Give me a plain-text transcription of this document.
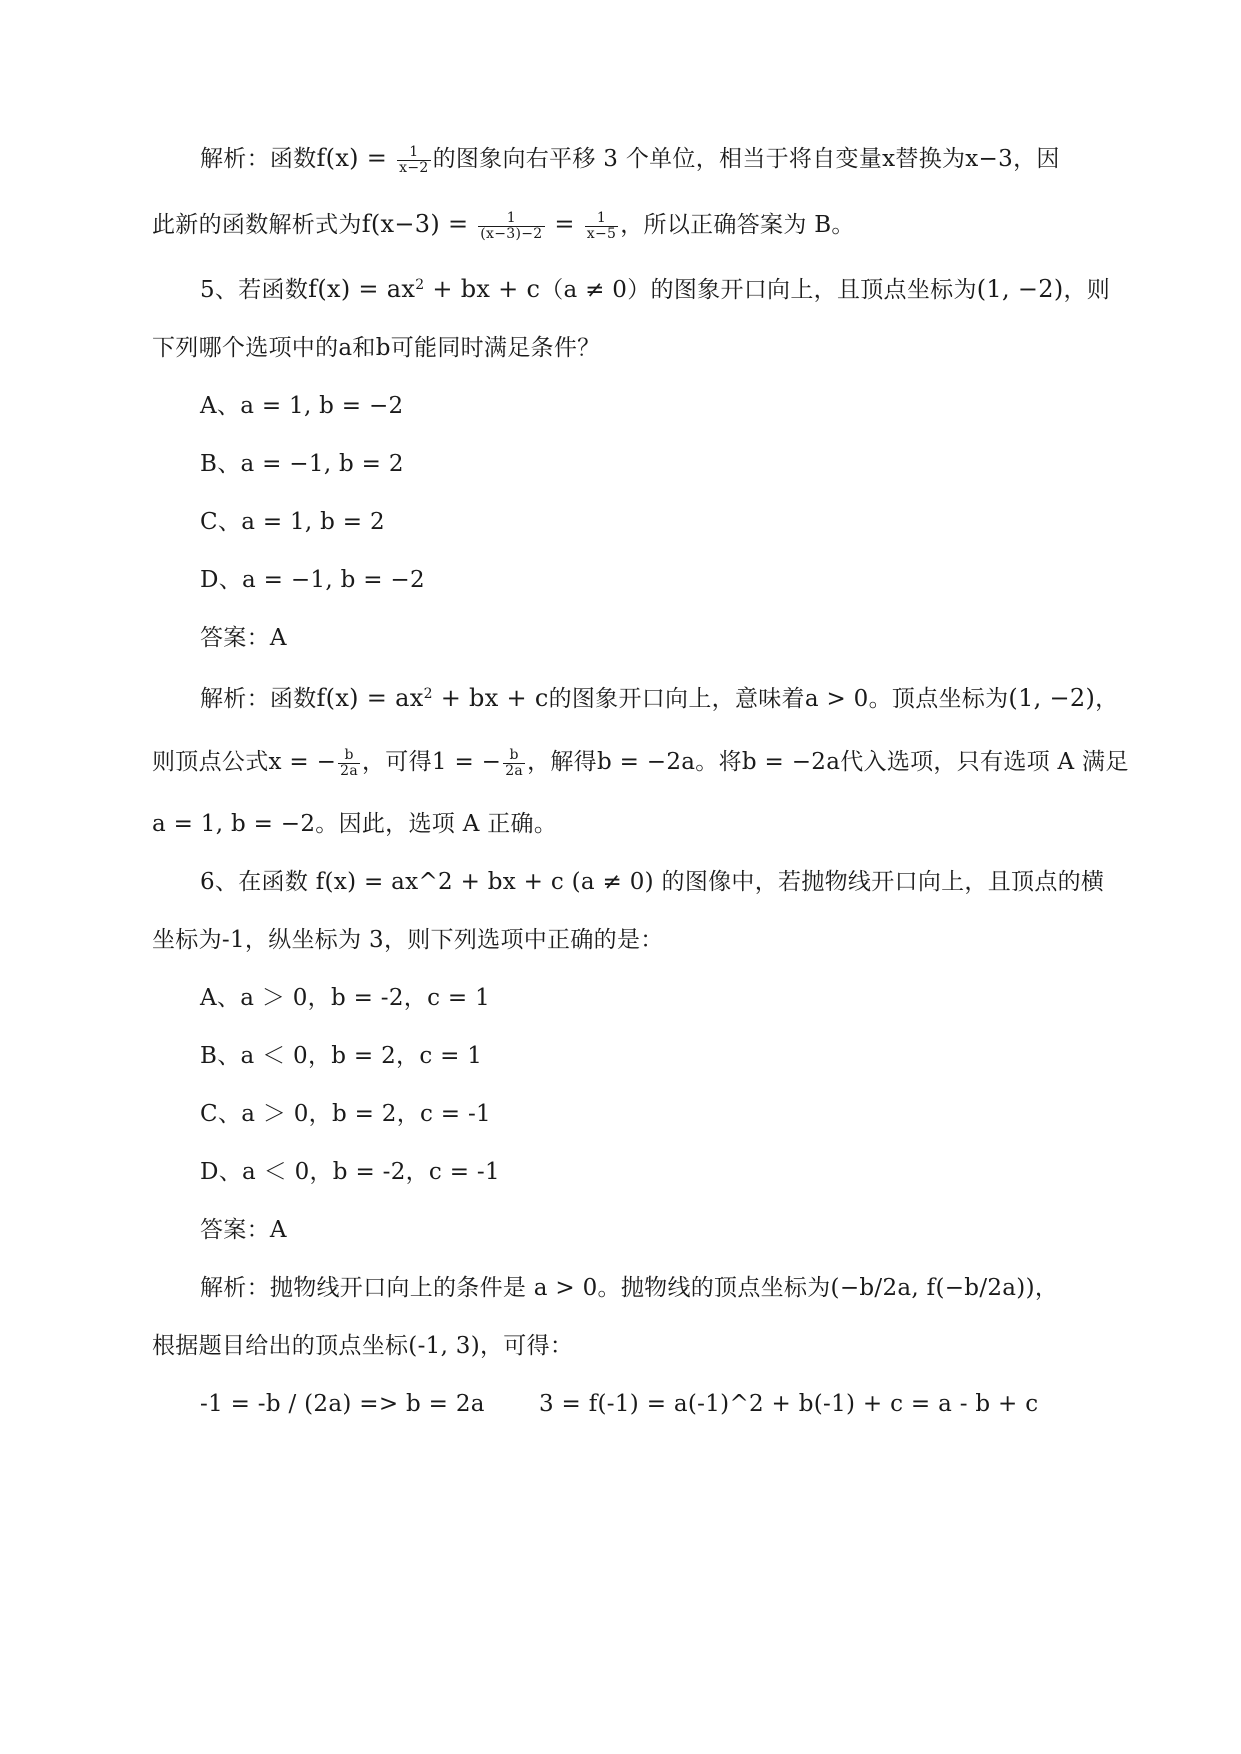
解析：函数$f(x) = \frac{1}{x-2}$ 的图象向右平移 3 个单位，相当于将自变量x替换为x−3，因
此新的函数解析式为$f(x-3) = \frac{1}{(x-3)-2} = \frac{1}{x-5}$ ，所以正确答案为 B。
5、若函数$f(x) = ax^2$ + bx + c（a ≠ 0）的图象开口向上，且顶点坐标为(1, −2)，则
下列哪个选项中的a和b可能同时满足条件？
A、a = 1, b = −2
B、a = −1, b = 2
C、a = 1, b = 2
D、a = −1, b = −2
答案：A
解析：函数$f(x) = ax^2$ + bx + c的图象开口向上，意味着a > 0。顶点坐标为(1, −2)，
则顶点公式x = − $\frac{b}{2a}$ ，可得1 = − $\frac{b}{2a}$ ，解得b = −2a。将b = −2a代入选项，只有选项 A 满足
a = 1, b = −2。因此，选项 A 正确。
6、在函数 f(x) = ax^2 + bx + c (a ≠ 0) 的图像中，若抛物线开口向上，且顶点的横
坐标为-1，纵坐标为 3，则下列选项中正确的是：
A、a ＞ 0，b = -2，c = 1
B、a ＜ 0，b = 2，c = 1
C、a ＞ 0，b = 2，c = -1
D、a ＜ 0，b = -2，c = -1
答案：A
解析：抛物线开口向上的条件是 a > 0。抛物线的顶点坐标为(−b/2a, f(−b/2a))，
根据题目给出的顶点坐标(-1, 3)，可得：
-1 = -b / (2a) => b = 2a　　 3 = f(-1) = a(-1)^2 + b(-1) + c = a - b + c
